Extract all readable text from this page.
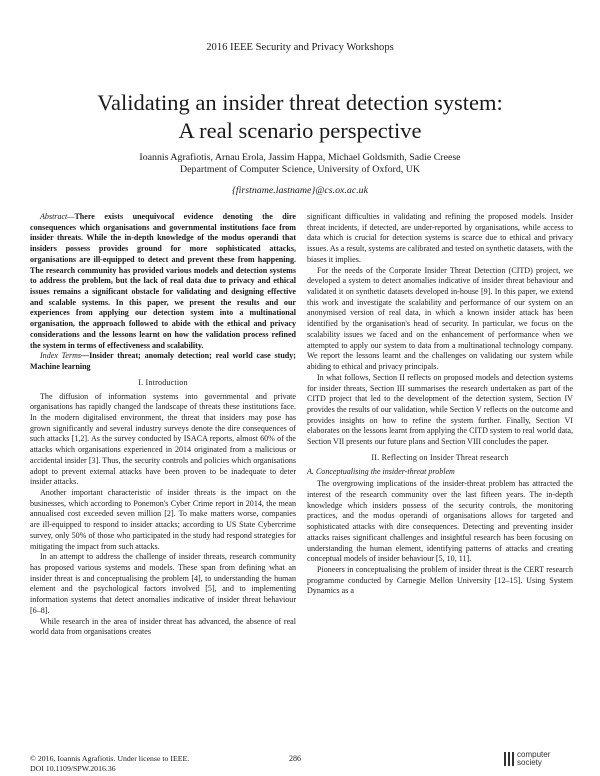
2016 IEEE Security and Privacy Workshops
Validating an insider threat detection system:
A real scenario perspective
Ioannis Agrafiotis, Arnau Erola, Jassim Happa, Michael Goldsmith, Sadie Creese
Department of Computer Science, University of Oxford, UK
{firstname.lastname}@cs.ox.ac.uk

Abstract—There exists unequivocal evidence denoting the dire consequences which organisations and governmental institutions face from insider threats. While the in-depth knowledge of the modus operandi that insiders possess provides ground for more sophisticated attacks, organisations are ill-equipped to detect and prevent these from happening. The research community has provided various models and detection systems to address the problem, but the lack of real data due to privacy and ethical issues remains a significant obstacle for validating and designing effective and scalable systems. In this paper, we present the results and our experiences from applying our detection system into a multinational organisation, the approach followed to abide with the ethical and privacy considerations and the lessons learnt on how the validation process refined the system in terms of effectiveness and scalability.

Index Terms—Insider threat; anomaly detection; real world case study; Machine learning

I. Introduction

The diffusion of information systems into governmental and private organisations has rapidly changed the landscape of threats these institutions face. In the modern digitalised environment, the threat that insiders may pose has grown significantly and several industry surveys denote the dire consequences of such attacks [1,2]. As the survey conducted by ISACA reports, almost 60% of the attacks which organisations experienced in 2014 originated from a malicious or accidental insider [3]. Thus, the security controls and policies which organisations adopt to prevent external attacks have been proven to be inadequate to deter insider attacks.

Another important characteristic of insider threats is the impact on the businesses, which according to Ponemon's Cyber Crime report in 2014, the mean annualised cost exceeded seven million [2]. To make matters worse, companies are ill-equipped to respond to insider attacks; according to US State Cybercrime survey, only 50% of those who participated in the study had respond strategies for mitigating the impact from such attacks.

In an attempt to address the challenge of insider threats, research community has proposed various systems and models. These span from defining what an insider threat is and conceptualising the problem [4], to understanding the human element and the psychological factors involved [5], and to implementing information systems that detect anomalies indicative of insider threat behaviour [6–8].

While research in the area of insider threat has advanced, the absence of real world data from organisations creates

significant difficulties in validating and refining the proposed models. Insider threat incidents, if detected, are under-reported by organisations, while access to data which is crucial for detection systems is scarce due to ethical and privacy issues. As a result, systems are calibrated and tested on synthetic datasets, with the biases it implies.

For the needs of the Corporate Insider Threat Detection (CITD) project, we developed a system to detect anomalies indicative of insider threat behaviour and validated it on synthetic datasets developed in-house [9]. In this paper, we extend this work and investigate the scalability and performance of our system on an anonymised version of real data, in which a known insider attack has been identified by the organisation's head of security. In particular, we focus on the scalability issues we faced and on the enhancement of performance when we attempted to apply our system to data from a multinational technology company. We report the lessons learnt and the challenges on validating our system while abiding to ethical and privacy principals.

In what follows, Section II reflects on proposed models and detection systems for insider threats, Section III summarises the research undertaken as part of the CITD project that led to the development of the detection system, Section IV provides the results of our validation, while Section V reflects on the outcome and provides insights on how to refine the system further. Finally, Section VI elaborates on the lessons learnt from applying the CITD system to real world data, Section VII presents our future plans and Section VIII concludes the paper.

II. Reflecting on Insider Threat research
A. Conceptualising the insider-threat problem

The overgrowing implications of the insider-threat problem has attracted the interest of the research community over the last fifteen years. The in-depth knowledge which insiders possess of the security controls, the monitoring practices, and the modus operandi of organisations allows for targeted and sophisticated attacks with dire consequences. Detecting and preventing insider attacks raises significant challenges and insightful research has been focusing on understanding the human element, identifying patterns of attacks and creating conceptual models of insider behaviour [5, 10, 11].

Pioneers in conceptualising the problem of insider threat is the CERT research programme conducted by Carnegie Mellon University [12–15]. Using System Dynamics as a

© 2016, Ioannis Agrafiotis. Under license to IEEE.
DOI 10.1109/SPW.2016.36
286	computer
society
